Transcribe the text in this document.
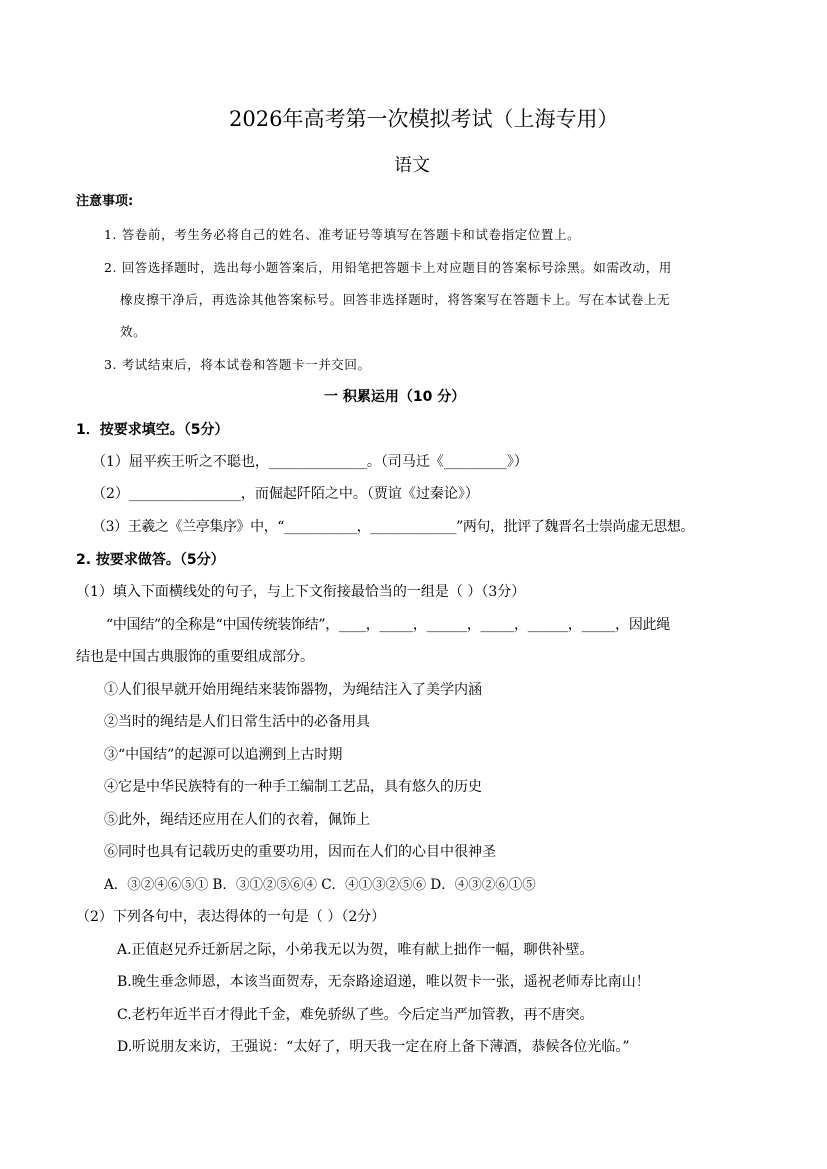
2026年高考第一次模拟考试（上海专用）
语文
注意事项:
1. 答卷前，考生务必将自己的姓名、准考证号等填写在答题卡和试卷指定位置上。
2. 回答选择题时，选出每小题答案后，用铅笔把答题卡上对应题目的答案标号涂黑。如需改动，用
橡皮擦干净后，再选涂其他答案标号。回答非选择题时，将答案写在答题卡上。写在本试卷上无
效。
3. 考试结束后，将本试卷和答题卡一并交回。
一 积累运用（10 分）
1．按要求填空。（5分）
（1）屈平疾王听之不聪也，______________。（司马迁《_________》）
（2）________________，而倔起阡陌之中。（贾谊《过秦论》）
（3）王羲之《兰亭集序》中，“___________，_____________”两句，批评了魏晋名士崇尚虚无思想。
2. 按要求做答。（5分）
（1）填入下面横线处的句子，与上下文衔接最恰当的一组是（ ）（3分）
“中国结”的全称是“中国传统装饰结”，____，_____，______，_____，______，_____，因此绳
结也是中国古典服饰的重要组成部分。
①人们很早就开始用绳结来装饰器物，为绳结注入了美学内涵
②当时的绳结是人们日常生活中的必备用具
③“中国结”的起源可以追溯到上古时期
④它是中华民族特有的一种手工编制工艺品，具有悠久的历史
⑤此外，绳结还应用在人们的衣着，佩饰上
⑥同时也具有记载历史的重要功用，因而在人们的心目中很神圣
A．③②④⑥⑤① B．③①②⑤⑥④ C．④①③②⑤⑥ D．④③②⑥①⑤
（2）下列各句中，表达得体的一句是（ ）（2分）
A.正值赵兄乔迁新居之际，小弟我无以为贺，唯有献上拙作一幅，聊供补壁。
B.晚生垂念师恩，本该当面贺寿，无奈路途迢递，唯以贺卡一张，遥祝老师寿比南山！
C.老朽年近半百才得此千金，难免骄纵了些。今后定当严加管教，再不唐突。
D.听说朋友来访，王强说：“太好了，明天我一定在府上备下薄酒，恭候各位光临。”
